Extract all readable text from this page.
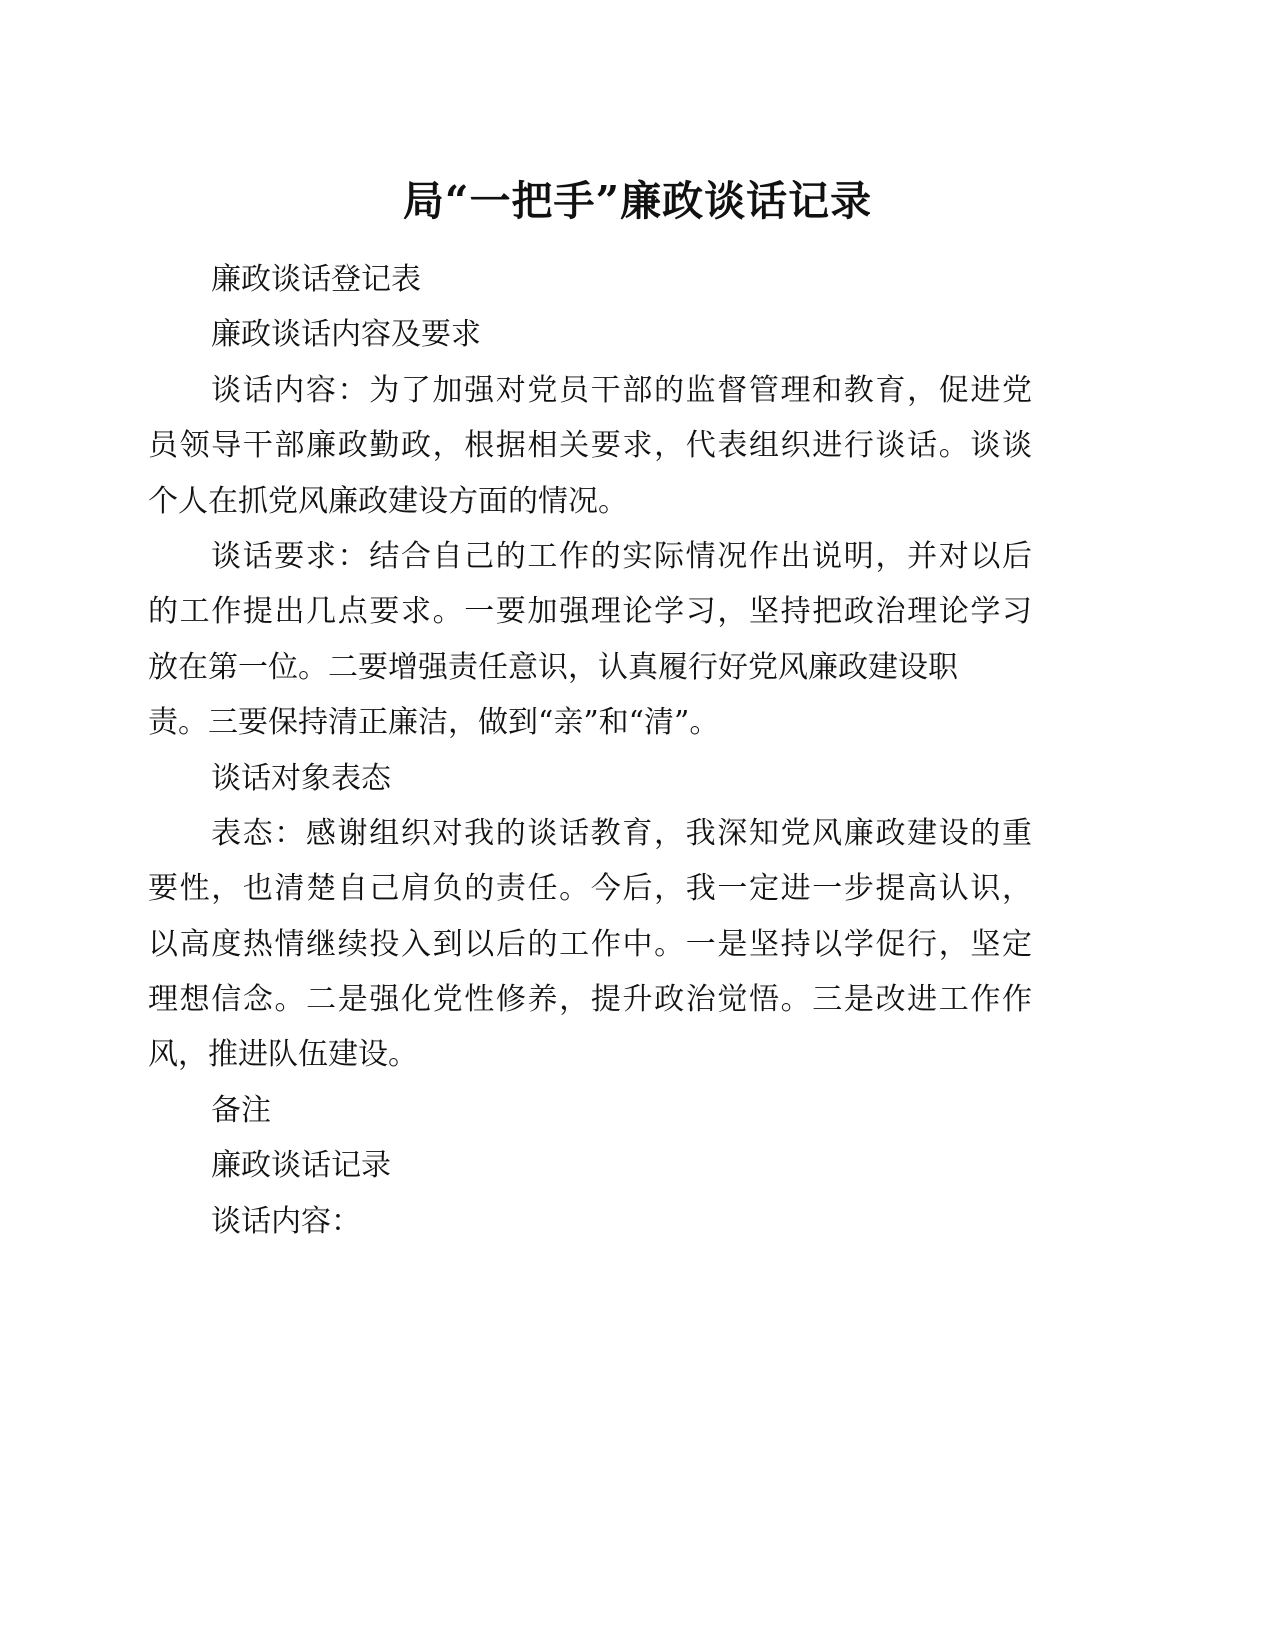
局“一把手”廉政谈话记录
廉政谈话登记表
廉政谈话内容及要求
谈话内容：为了加强对党员干部的监督管理和教育，促进党
员领导干部廉政勤政，根据相关要求，代表组织进行谈话。谈谈
个人在抓党风廉政建设方面的情况。
谈话要求：结合自己的工作的实际情况作出说明，并对以后
的工作提出几点要求。一要加强理论学习，坚持把政治理论学习
放在第一位。二要增强责任意识，认真履行好党风廉政建设职
责。三要保持清正廉洁，做到“亲”和“清”。
谈话对象表态
表态：感谢组织对我的谈话教育，我深知党风廉政建设的重
要性，也清楚自己肩负的责任。今后，我一定进一步提高认识，
以高度热情继续投入到以后的工作中。一是坚持以学促行，坚定
理想信念。二是强化党性修养，提升政治觉悟。三是改进工作作
风，推进队伍建设。
备注
廉政谈话记录
谈话内容：
